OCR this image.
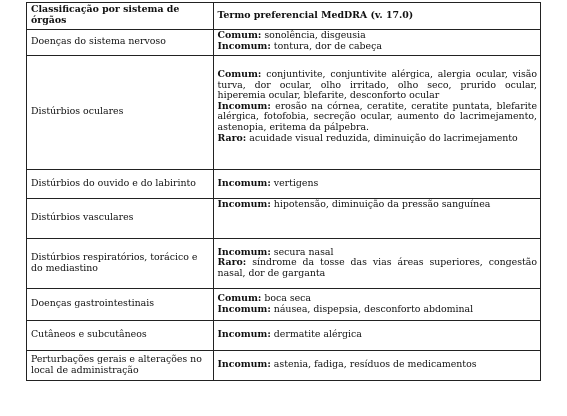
Classificação por sistema de órgãos	Termo preferencial MedDRA (v. 17.0)
Doenças do sistema nervoso	Comum: sonolência, disgeusia
Incomum: tontura, dor de cabeça

Distúrbios oculares	Comum: conjuntivite, conjuntivite alérgica, alergia ocular, visão turva, dor ocular, olho irritado, olho seco, prurido ocular, hiperemia ocular, blefarite, desconforto ocular
Incomum: erosão na córnea, ceratite, ceratite puntata, blefarite alérgica, fotofobia, secreção ocular, aumento do lacrimejamento, astenopia, eritema da pálpebra.
Raro: acuidade visual reduzida, diminuição do lacrimejamento

Distúrbios do ouvido e do labirinto	Incomum: vertigens

Distúrbios vasculares	Incomum: hipotensão, diminuição da pressão sanguínea

Distúrbios respiratórios, torácico e do mediastino	Incomum: secura nasal
Raro: síndrome da tosse das vias áreas superiores, congestão nasal, dor de garganta

Doenças gastrointestinais	Comum: boca seca
Incomum: náusea, dispepsia, desconforto abdominal

Cutâneos e subcutâneos	Incomum: dermatite alérgica

Perturbações gerais e alterações no local de administração	Incomum: astenia, fadiga, resíduos de medicamentos
